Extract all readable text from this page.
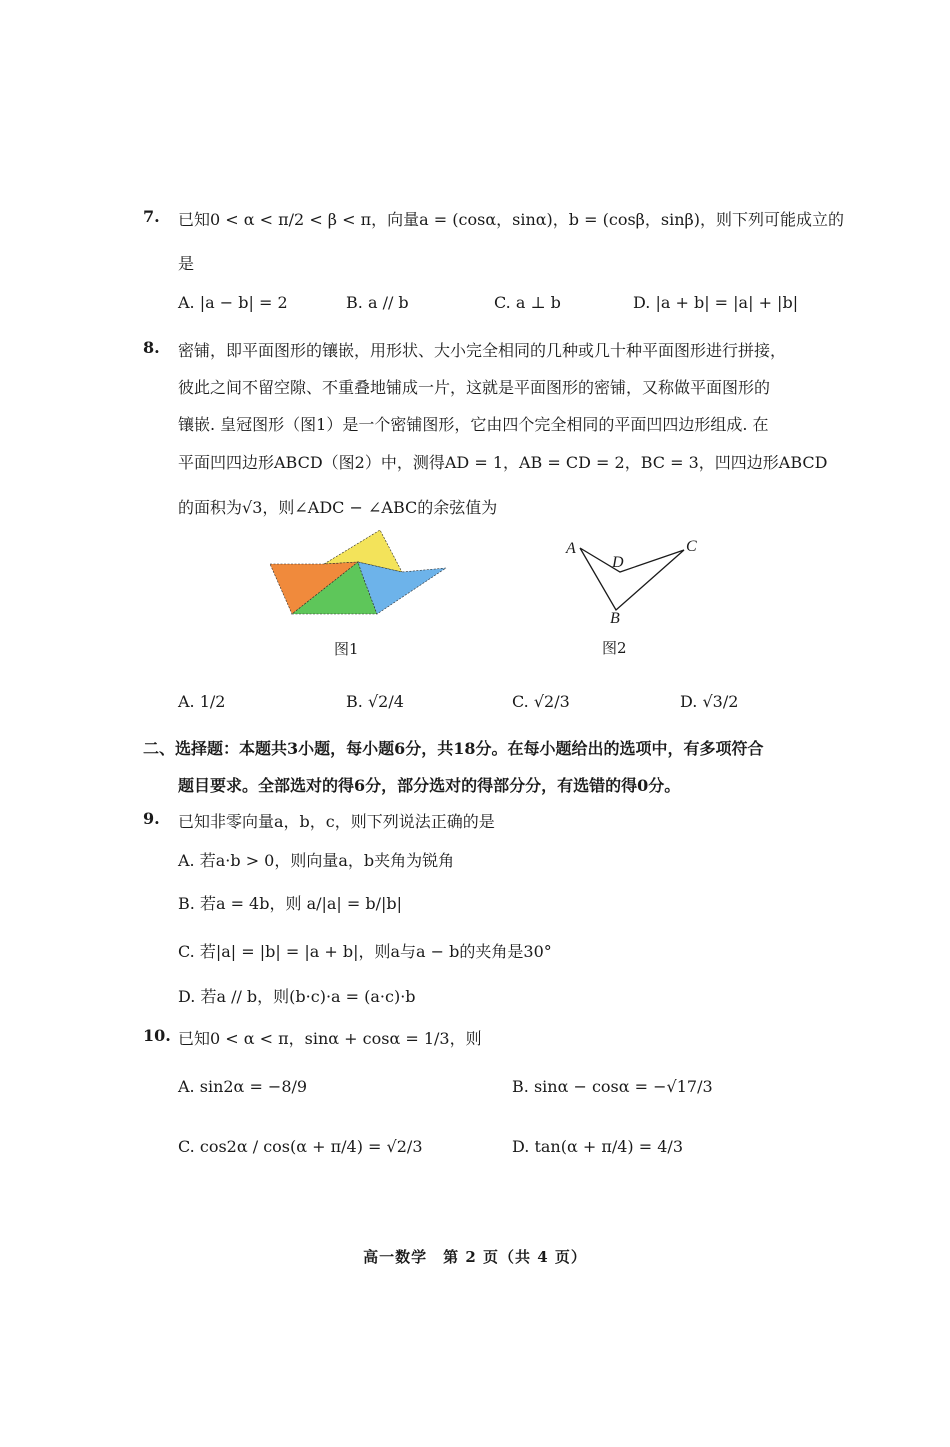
7. 已知0 < α < π/2 < β < π，向量a = (cosα，sinα)，b = (cosβ，sinβ)，则下列可能成立的
是
A. |a − b| = 2	B. a // b	C. a ⊥ b	D. |a + b| = |a| + |b|
8. 密铺，即平面图形的镶嵌，用形状、大小完全相同的几种或几十种平面图形进行拼接，
彼此之间不留空隙、不重叠地铺成一片，这就是平面图形的密铺，又称做平面图形的
镶嵌. 皇冠图形（图1）是一个密铺图形，它由四个完全相同的平面凹四边形组成. 在
平面凹四边形ABCD（图2）中，测得AD = 1，AB = CD = 2，BC = 3，凹四边形ABCD
的面积为√3，则∠ADC − ∠ABC的余弦值为
图1
A
D
C
B
图2
A. 1/2	B. √2/4	C. √2/3	D. √3/2
二、选择题：本题共3小题，每小题6分，共18分。在每小题给出的选项中，有多项符合
题目要求。全部选对的得6分，部分选对的得部分分，有选错的得0分。
9. 已知非零向量a，b，c，则下列说法正确的是
A. 若a·b > 0，则向量a，b夹角为锐角
B. 若a = 4b，则 a/|a| = b/|b|
C. 若|a| = |b| = |a + b|，则a与a − b的夹角是30°
D. 若a // b，则(b·c)·a = (a·c)·b
10. 已知0 < α < π，sinα + cosα = 1/3，则
A. sin2α = −8/9	B. sinα − cosα = −√17/3
C. cos2α / cos(α + π/4) = √2/3	D. tan(α + π/4) = 4/3
高一数学　第 2 页（共 4 页）
